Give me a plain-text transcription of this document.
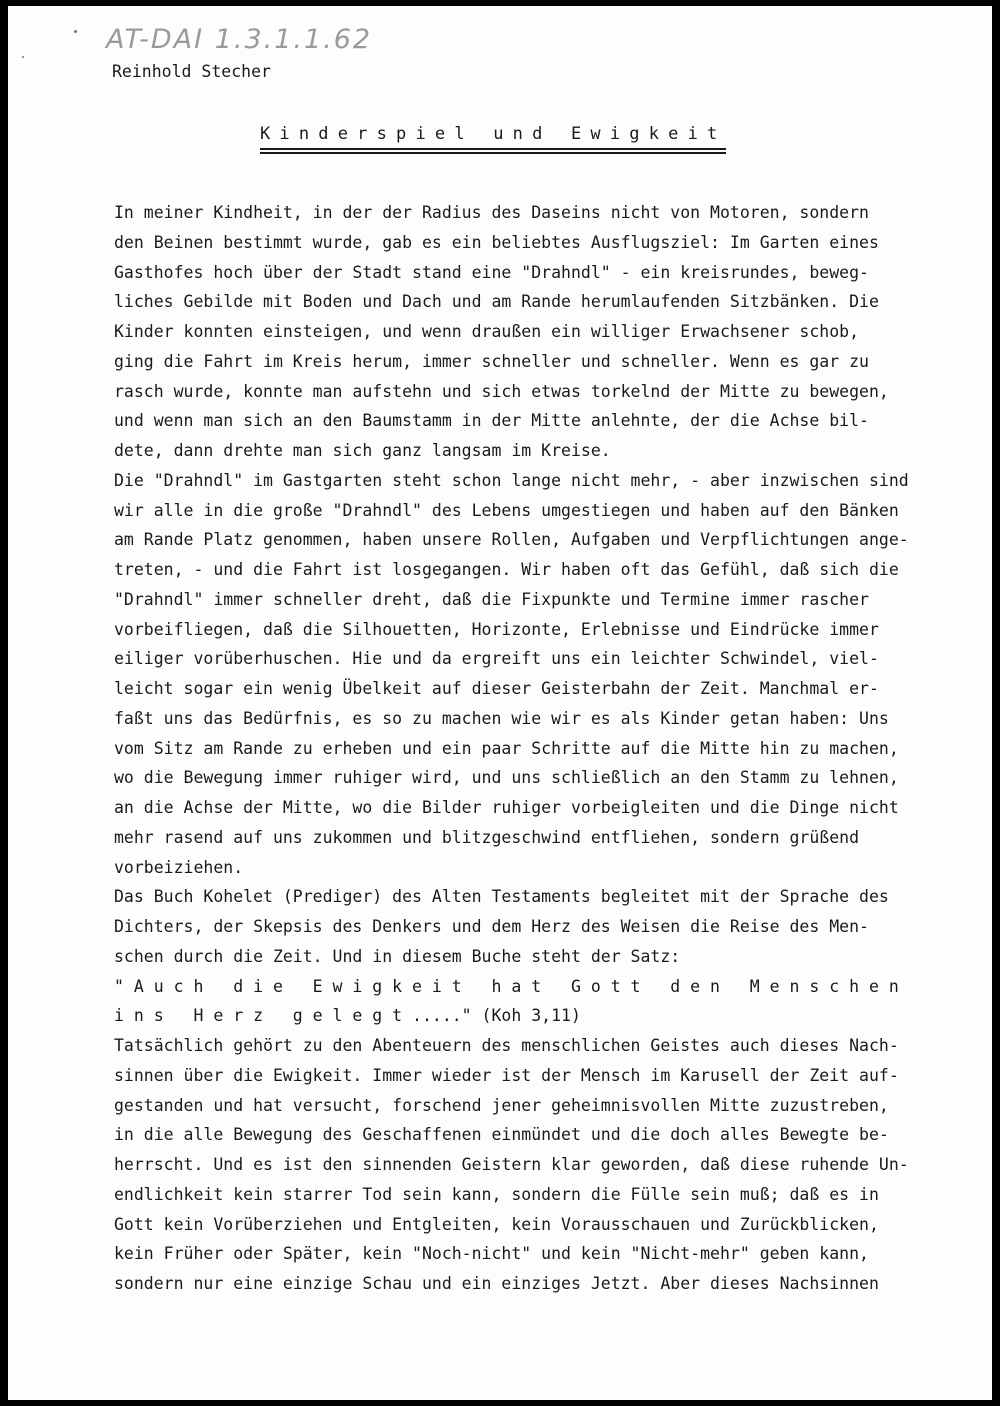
AT-DAI 1.3.1.1.62
Reinhold Stecher
Kinderspiel und Ewigkeit
In meiner Kindheit, in der der Radius des Daseins nicht von Motoren, sondern
den Beinen bestimmt wurde, gab es ein beliebtes Ausflugsziel: Im Garten eines
Gasthofes hoch über der Stadt stand eine "Drahndl" - ein kreisrundes, beweg-
liches Gebilde mit Boden und Dach und am Rande herumlaufenden Sitzbänken. Die
Kinder konnten einsteigen, und wenn draußen ein williger Erwachsener schob,
ging die Fahrt im Kreis herum, immer schneller und schneller. Wenn es gar zu
rasch wurde, konnte man aufstehn und sich etwas torkelnd der Mitte zu bewegen,
und wenn man sich an den Baumstamm in der Mitte anlehnte, der die Achse bil-
dete, dann drehte man sich ganz langsam im Kreise.
Die "Drahndl" im Gastgarten steht schon lange nicht mehr, - aber inzwischen sind
wir alle in die große "Drahndl" des Lebens umgestiegen und haben auf den Bänken
am Rande Platz genommen, haben unsere Rollen, Aufgaben und Verpflichtungen ange-
treten, - und die Fahrt ist losgegangen. Wir haben oft das Gefühl, daß sich die
"Drahndl" immer schneller dreht, daß die Fixpunkte und Termine immer rascher
vorbeifliegen, daß die Silhouetten, Horizonte, Erlebnisse und Eindrücke immer
eiliger vorüberhuschen. Hie und da ergreift uns ein leichter Schwindel, viel-
leicht sogar ein wenig Übelkeit auf dieser Geisterbahn der Zeit. Manchmal er-
faßt uns das Bedürfnis, es so zu machen wie wir es als Kinder getan haben: Uns
vom Sitz am Rande zu erheben und ein paar Schritte auf die Mitte hin zu machen,
wo die Bewegung immer ruhiger wird, und uns schließlich an den Stamm zu lehnen,
an die Achse der Mitte, wo die Bilder ruhiger vorbeigleiten und die Dinge nicht
mehr rasend auf uns zukommen und blitzgeschwind entfliehen, sondern grüßend
vorbeiziehen.
Das Buch Kohelet (Prediger) des Alten Testaments begleitet mit der Sprache des
Dichters, der Skepsis des Denkers und dem Herz des Weisen die Reise des Men-
schen durch die Zeit. Und in diesem Buche steht der Satz:
" A u c h   d i e   E w i g k e i t   h a t   G o t t   d e n   M e n s c h e n
i n s   H e r z   g e l e g t ....." (Koh 3,11)
Tatsächlich gehört zu den Abenteuern des menschlichen Geistes auch dieses Nach-
sinnen über die Ewigkeit. Immer wieder ist der Mensch im Karusell der Zeit auf-
gestanden und hat versucht, forschend jener geheimnisvollen Mitte zuzustreben,
in die alle Bewegung des Geschaffenen einmündet und die doch alles Bewegte be-
herrscht. Und es ist den sinnenden Geistern klar geworden, daß diese ruhende Un-
endlichkeit kein starrer Tod sein kann, sondern die Fülle sein muß; daß es in
Gott kein Vorüberziehen und Entgleiten, kein Vorausschauen und Zurückblicken,
kein Früher oder Später, kein "Noch-nicht" und kein "Nicht-mehr" geben kann,
sondern nur eine einzige Schau und ein einziges Jetzt. Aber dieses Nachsinnen
